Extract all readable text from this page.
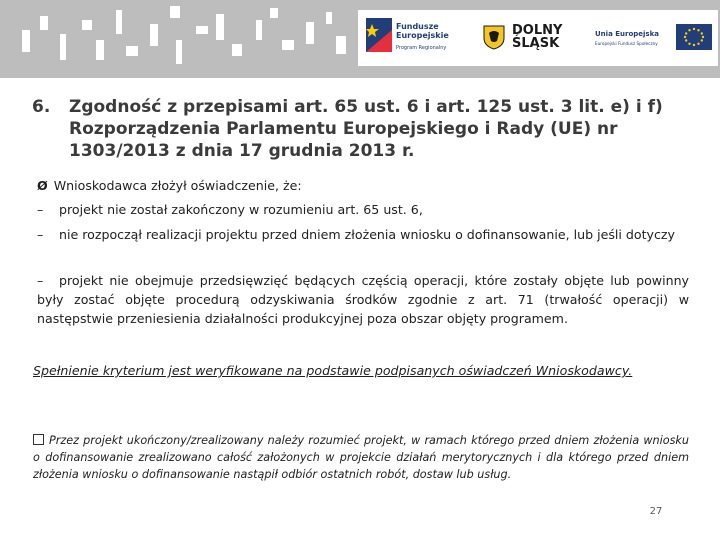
Fundusze
Europejskie
Program Regionalny
DOLNY ŚLĄSK
Unia Europejska
Europejski Fundusz Społeczny
6. Zgodność z przepisami art. 65 ust. 6 i art. 125 ust. 3 lit. e) i f) Rozporządzenia Parlamentu Europejskiego i Rady (UE) nr 1303/2013 z dnia 17 grudnia 2013 r.
Ø Wnioskodawca złożył oświadczenie, że:
– projekt nie został zakończony w rozumieniu art. 65 ust. 6,
– nie rozpoczął realizacji projektu przed dniem złożenia wniosku o dofinansowanie, lub jeśli dotyczy
– projekt nie obejmuje przedsięwzięć będących częścią operacji, które zostały objęte lub powinny były zostać objęte procedurą odzyskiwania środków zgodnie z art. 71 (trwałość operacji) w następstwie przeniesienia działalności produkcyjnej poza obszar objęty programem.
Spełnienie kryterium jest weryfikowane na podstawie podpisanych oświadczeń Wnioskodawcy.
Przez projekt ukończony/zrealizowany należy rozumieć projekt, w ramach którego przed dniem złożenia wniosku o dofinansowanie zrealizowano całość założonych w projekcie działań merytorycznych i dla którego przed dniem złożenia wniosku o dofinansowanie nastąpił odbiór ostatnich robót, dostaw lub usług.
27
